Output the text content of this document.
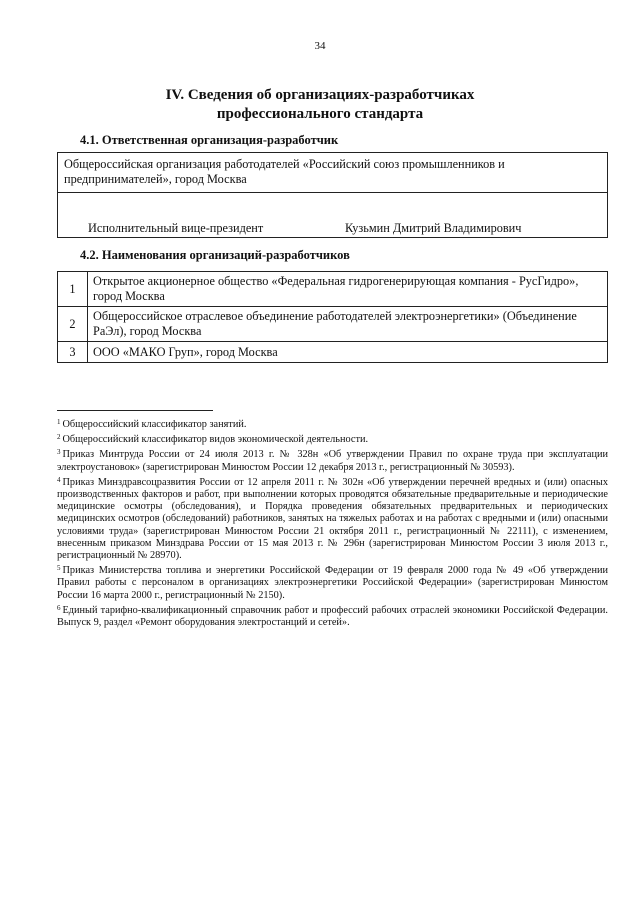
34
IV. Сведения об организациях-разработчиках
профессионального стандарта
4.1. Ответственная организация-разработчик
Общероссийская организация работодателей «Российский союз промышленников и предпринимателей», город Москва
Исполнительный вице-президент	Кузьмин Дмитрий Владимирович
4.2. Наименования организаций-разработчиков
1	Открытое акционерное общество «Федеральная гидрогенерирующая компания - РусГидро», город Москва
2	Общероссийское отраслевое объединение работодателей электроэнергетики» (Объединение РаЭл), город Москва
3	ООО «МАКО Груп», город Москва

$^1$ Общероссийский классификатор занятий.

$^2$ Общероссийский классификатор видов экономической деятельности.

$^3$ Приказ Минтруда России от 24 июля 2013 г. № 328н «Об утверждении Правил по охране труда при эксплуатации электроустановок» (зарегистрирован Минюстом России 12 декабря 2013 г., регистрационный № 30593).

$^4$ Приказ Минздравсоцразвития России от 12 апреля 2011 г. № 302н «Об утверждении перечней вредных и (или) опасных производственных факторов и работ, при выполнении которых проводятся обязательные предварительные и периодические медицинские осмотры (обследования), и Порядка проведения обязательных предварительных и периодических медицинских осмотров (обследований) работников, занятых на тяжелых работах и на работах с вредными и (или) опасными условиями труда» (зарегистрирован Минюстом России 21 октября 2011 г., регистрационный № 22111), с изменением, внесенным приказом Минздрава России от 15 мая 2013 г. № 296н (зарегистрирован Минюстом России 3 июля 2013 г., регистрационный № 28970).

$^5$ Приказ Министерства топлива и энергетики Российской Федерации от 19 февраля 2000 года № 49 «Об утверждении Правил работы с персоналом в организациях электроэнергетики Российской Федерации» (зарегистрирован Минюстом России 16 марта 2000 г., регистрационный № 2150).

$^6$ Единый тарифно-квалификационный справочник работ и профессий рабочих отраслей экономики Российской Федерации. Выпуск 9, раздел «Ремонт оборудования электростанций и сетей».
